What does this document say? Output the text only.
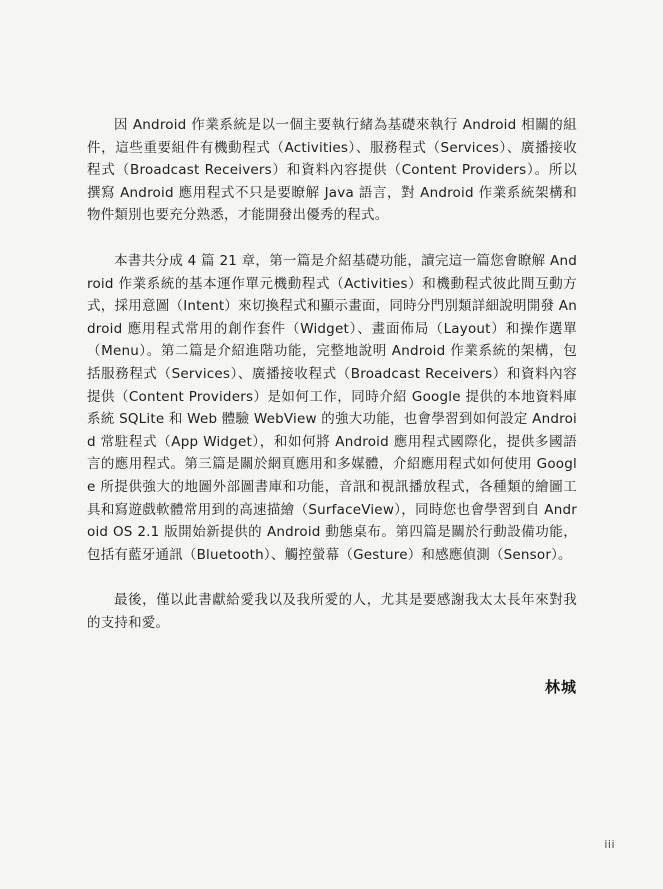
因 Android 作業系統是以一個主要執行緒為基礎來執行 Android 相關的組件，這些重要組件有機動程式（Activities）、服務程式（Services）、廣播接收程式（Broadcast Receivers）和資料內容提供（Content Providers）。所以撰寫 Android 應用程式不只是要瞭解 Java 語言，對 Android 作業系統架構和物件類別也要充分熟悉，才能開發出優秀的程式。

本書共分成 4 篇 21 章，第一篇是介紹基礎功能，讀完這一篇您會瞭解 Android 作業系統的基本運作單元機動程式（Activities）和機動程式彼此間互動方式，採用意圖（Intent）來切換程式和顯示畫面，同時分門別類詳細說明開發 Android 應用程式常用的創作套件（Widget）、畫面佈局（Layout）和操作選單（Menu）。第二篇是介紹進階功能，完整地說明 Android 作業系統的架構，包括服務程式（Services）、廣播接收程式（Broadcast Receivers）和資料內容提供（Content Providers）是如何工作，同時介紹 Google 提供的本地資料庫系統 SQLite 和 Web 體驗 WebView 的強大功能，也會學習到如何設定 Android 常駐程式（App Widget），和如何將 Android 應用程式國際化，提供多國語言的應用程式。第三篇是關於網頁應用和多媒體，介紹應用程式如何使用 Google 所提供強大的地圖外部圖書庫和功能，音訊和視訊播放程式，各種類的繪圖工具和寫遊戲軟體常用到的高速描繪（SurfaceView），同時您也會學習到自 Android OS 2.1 版開始新提供的 Android 動態桌布。第四篇是關於行動設備功能，包括有藍牙通訊（Bluetooth）、觸控螢幕（Gesture）和感應偵測（Sensor）。

最後，僅以此書獻給愛我以及我所愛的人，尤其是要感謝我太太長年來對我的支持和愛。

林城
iii
